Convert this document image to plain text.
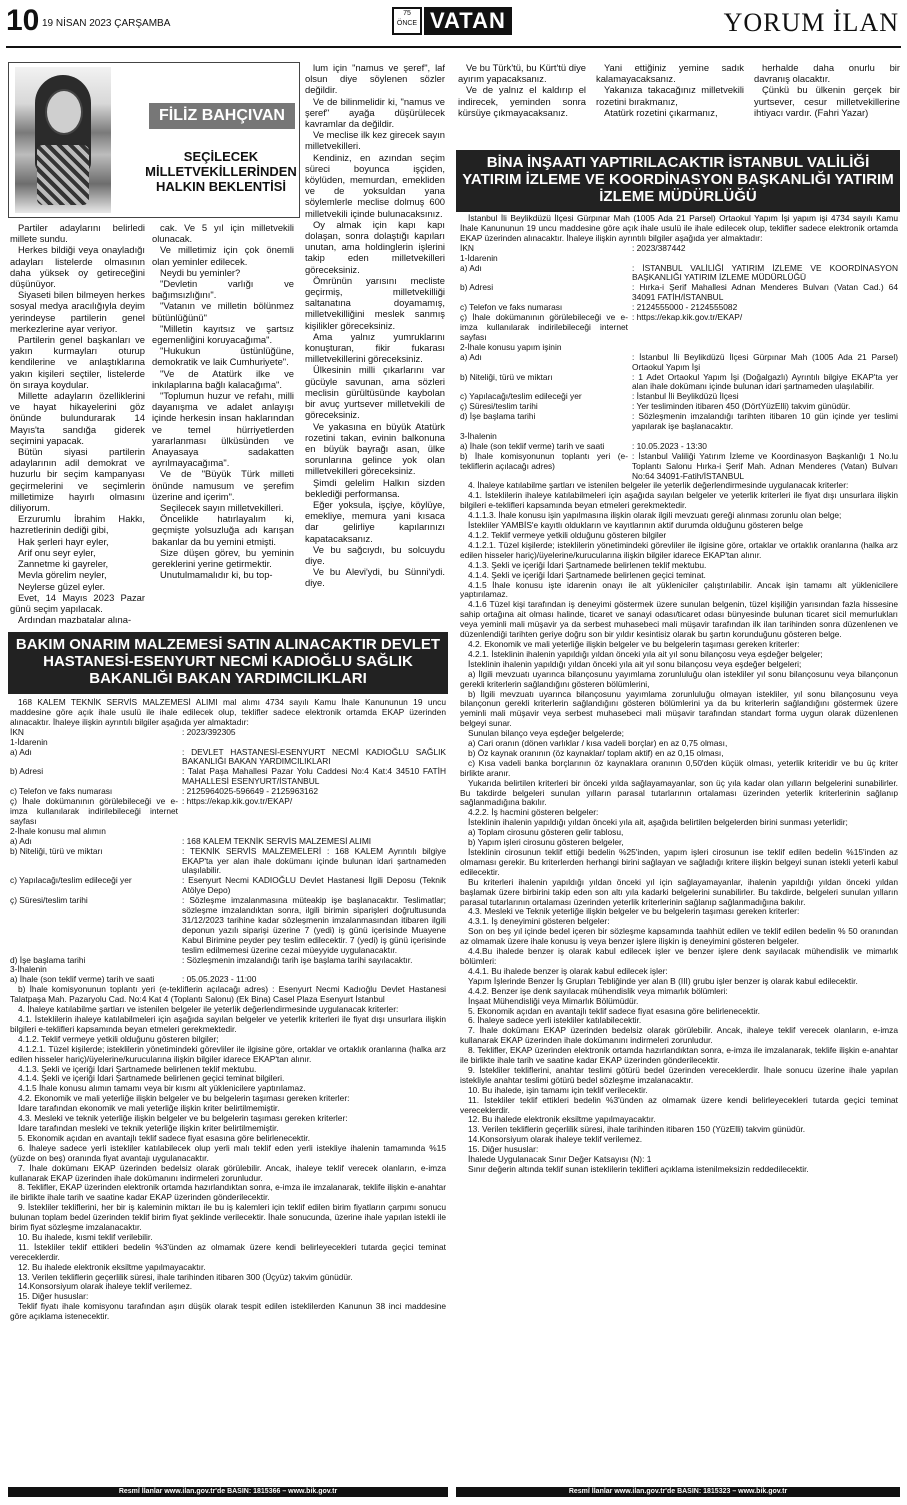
10 19 NİSAN 2023 ÇARŞAMBA
75 ÖNCE VATAN	YORUM İLAN
FİLİZ BAHÇIVAN
SEÇİLECEK MİLLETVEKİLLERİNDEN HALKIN BEKLENTİSİ

Partiler adaylarını belirledi millete sundu.

Herkes bildiği veya onayladığı adayları listelerde olmasının daha yüksek oy getireceğini düşünüyor.

Siyaseti bilen bilmeyen herkes sosyal medya aracılığıyla deyim yerindeyse partilerin genel merkezlerine ayar veriyor.

Partilerin genel başkanları ve yakın kurmayları oturup kendilerine ve anlaştıklarına yakın kişileri seçtiler, listelerde ön sıraya koydular.

Millette adayların özelliklerini ve hayat hikayelerini göz önünde bulundurarak 14 Mayıs'ta sandığa giderek seçimini yapacak.

Bütün siyasi partilerin adaylarının adil demokrat ve huzurlu bir seçim kampanyası geçirmelerini ve seçimlerin milletimize hayırlı olmasını diliyorum.

Erzurumlu İbrahim Hakkı, hazretlerinin dediği gibi,

Hak şerleri hayr eyler,

Arif onu seyr eyler,

Zannetme ki gayreler,

Mevla görelim neyler,

Neylerse güzel eyler.

Evet, 14 Mayıs 2023 Pazar günü seçim yapılacak.

Ardından mazbatalar alına-

cak. Ve 5 yıl için milletvekili olunacak.

Ve milletimiz için çok önemli olan yeminler edilecek.

Neydi bu yeminler?

"Devletin varlığı ve bağımsızlığını".

"Vatanın ve milletin bölünmez bütünlüğünü"

"Milletin kayıtsız ve şartsız egemenliğini koruyacağıma".

"Hukukun üstünlüğüne, demokratik ve laik Cumhuriyete".

"Ve de Atatürk ilke ve inkılaplarına bağlı kalacağıma".

"Toplumun huzur ve refahı, milli dayanışma ve adalet anlayışı içinde herkesin insan haklarından ve temel hürriyetlerden yararlanması ülküsünden ve Anayasaya sadakatten ayrılmayacağıma".

Ve de "Büyük Türk milleti önünde namusum ve şerefim üzerine and içerim".

Seçilecek sayın milletvekilleri.

Öncelikle hatırlayalım ki, geçmişte yolsuzluğa adı karışan bakanlar da bu yemini etmişti.

Size düşen görev, bu yeminin gereklerini yerine getirmektir.

Unutulmamalıdır ki, bu top-

lum için "namus ve şeref", laf olsun diye söylenen sözler değildir.

Ve de bilinmelidir ki, "namus ve şeref" ayağa düşürülecek kavramlar da değildir.

Ve meclise ilk kez girecek sayın milletvekilleri.

Kendiniz, en azından seçim süreci boyunca işçiden, köylüden, memurdan, emekliden ve de yoksuldan yana söylemlerle meclise dolmuş 600 milletvekili içinde bulunacaksınız.

Oy almak için kapı kapı dolaşan, sonra dolaştığı kapıları unutan, ama holdinglerin işlerini takip eden milletvekilleri göreceksiniz.

Ömrünün yarısını mecliste geçirmiş, milletvekilliği saltanatına doyamamış, milletvekilliğini meslek sanmış kişilikler göreceksiniz.

Ama yalnız yumruklarını konuşturan, fikir fukarası milletvekillerini göreceksiniz.

Ülkesinin milli çıkarlarını var gücüyle savunan, ama sözleri meclisin gürültüsünde kaybolan bir avuç yurtsever milletvekili de göreceksiniz.

Ve yakasına en büyük Atatürk rozetini takan, evinin balkonuna en büyük bayrağı asan, ülke sorunlarına gelince yok olan milletvekilleri göreceksiniz.

Şimdi gelelim Halkın sizden beklediği performansa.

Eğer yoksula, işçiye, köylüye, emekliye, memura yani kısaca dar gelirliye kapılarınızı kapatacaksanız.

Ve bu sağcıydı, bu solcuydu diye.

Ve bu Alevi'ydi, bu Sünni'ydi. diye.

Ve bu Türk'tü, bu Kürt'tü diye ayırım yapacaksanız.

Ve de yalnız el kaldırıp el indirecek, yeminden sonra kürsüye çıkmayacaksanız.

Yani ettiğiniz yemine sadık kalamayacaksanız.

Yakanıza takacağınız milletvekili rozetini bırakmanız,

Atatürk rozetini çıkarmanız,

herhalde daha onurlu bir davranış olacaktır.

Çünkü bu ülkenin gerçek bir yurtsever, cesur milletvekillerine ihtiyacı vardır. (Fahri Yazar)

BAKIM ONARIM MALZEMESİ SATIN ALINACAKTIR DEVLET HASTANESİ-ESENYURT NECMİ KADIOĞLU SAĞLIK BAKANLIĞI BAKAN YARDIMCILIKLARI

168 KALEM TEKNİK SERVİS MALZEMESİ ALIMI mal alımı 4734 sayılı Kamu İhale Kanununun 19 uncu maddesine göre açık ihale usulü ile ihale edilecek olup, teklifler sadece elektronik ortamda EKAP üzerinden alınacaktır. İhaleye ilişkin ayrıntılı bilgiler aşağıda yer almaktadır:

İKN	: 2023/392305
1-İdarenin
a) Adı	: DEVLET HASTANESİ-ESENYURT NECMİ KADIOĞLU SAĞLIK BAKANLIĞI BAKAN YARDIMCILIKLARI
b) Adresi	: Talat Paşa Mahallesi Pazar Yolu Caddesi No:4 Kat:4 34510 FATİH MAHALLESİ ESENYURT/İSTANBUL
c) Telefon ve faks numarası	: 2125964025-596649 - 2125963162
ç) İhale dokümanının görülebileceği ve e-imza kullanılarak indirilebileceği internet sayfası
: https://ekap.kik.gov.tr/EKAP/
2-İhale konusu mal alımın
a) Adı	: 168 KALEM TEKNİK SERVİS MALZEMESİ ALIMI
b) Niteliği, türü ve miktarı	: TEKNİK SERVİS MALZEMELERİ : 168 KALEM Ayrıntılı bilgiye EKAP'ta yer alan ihale dokümanı içinde bulunan idari şartnameden ulaşılabilir.
c) Yapılacağı/teslim edileceği yer	: Esenyurt Necmi KADIOĞLU Devlet Hastanesi İlgili Deposu (Teknik Atölye Depo)
ç) Süresi/teslim tarihi	: Sözleşme imzalanmasına müteakip işe başlanacaktır. Teslimatlar; sözleşme imzalandıktan sonra, ilgili birimin siparişleri doğrultusunda 31/12/2023 tarihine kadar sözleşmenin imzalanmasından itibaren ilgili deponun yazılı siparişi üzerine 7 (yedi) iş günü içerisinde Muayene Kabul Birimine peyder pey teslim edilecektir. 7 (yedi) iş günü içerisinde teslim edilmemesi üzerine cezai müeyyide uygulanacaktır.
d) İşe başlama tarihi	: Sözleşmenin imzalandığı tarih işe başlama tarihi sayılacaktır.
3-İhalenin
a) İhale (son teklif verme) tarih ve saati	: 05.05.2023 - 11:00

b) İhale komisyonunun toplantı yeri (e-tekliflerin açılacağı adres) : Esenyurt Necmi Kadıoğlu Devlet Hastanesi Talatpaşa Mah. Pazaryolu Cad. No:4 Kat 4 (Toplantı Salonu) (Ek Bina) Casel Plaza Esenyurt İstanbul

4. İhaleye katılabilme şartları ve istenilen belgeler ile yeterlik değerlendirmesinde uygulanacak kriterler:

4.1. İsteklilerin ihaleye katılabilmeleri için aşağıda sayılan belgeler ve yeterlik kriterleri ile fiyat dışı unsurlara ilişkin bilgileri e-teklifleri kapsamında beyan etmeleri gerekmektedir.

4.1.2. Teklif vermeye yetkili olduğunu gösteren bilgiler;

4.1.2.1. Tüzel kişilerde; isteklilerin yönetimindeki görevliler ile ilgisine göre, ortaklar ve ortaklık oranlarına (halka arz edilen hisseler hariç)/üyelerine/kurucularına ilişkin bilgiler idarece EKAP'tan alınır.

4.1.3. Şekli ve içeriği İdari Şartnamede belirlenen teklif mektubu.

4.1.4. Şekli ve içeriği İdari Şartnamede belirlenen geçici teminat bilgileri.

4.1.5 İhale konusu alımın tamamı veya bir kısmı alt yüklenicilere yaptırılamaz.

4.2. Ekonomik ve mali yeterliğe ilişkin belgeler ve bu belgelerin taşıması gereken kriterler:

İdare tarafından ekonomik ve mali yeterliğe ilişkin kriter belirtilmemiştir.

4.3. Mesleki ve teknik yeterliğe ilişkin belgeler ve bu belgelerin taşıması gereken kriterler:

İdare tarafından mesleki ve teknik yeterliğe ilişkin kriter belirtilmemiştir.

5. Ekonomik açıdan en avantajlı teklif sadece fiyat esasına göre belirlenecektir.

6. İhaleye sadece yerli istekliler katılabilecek olup yerli malı teklif eden yerli istekliye ihalenin tamamında %15 (yüzde on beş) oranında fiyat avantajı uygulanacaktır.

7. İhale dokümanı EKAP üzerinden bedelsiz olarak görülebilir. Ancak, ihaleye teklif verecek olanların, e-imza kullanarak EKAP üzerinden ihale dokümanını indirmeleri zorunludur.

8. Teklifler, EKAP üzerinden elektronik ortamda hazırlandıktan sonra, e-imza ile imzalanarak, teklife ilişkin e-anahtar ile birlikte ihale tarih ve saatine kadar EKAP üzerinden gönderilecektir.

9. İstekliler tekliflerini, her bir iş kaleminin miktarı ile bu iş kalemleri için teklif edilen birim fiyatların çarpımı sonucu bulunan toplam bedel üzerinden teklif birim fiyat şeklinde verilecektir. İhale sonucunda, üzerine ihale yapılan istekli ile birim fiyat sözleşme imzalanacaktır.

10. Bu ihalede, kısmi teklif verilebilir.

11. İstekliler teklif ettikleri bedelin %3'ünden az olmamak üzere kendi belirleyecekleri tutarda geçici teminat vereceklerdir.

12. Bu ihalede elektronik eksiltme yapılmayacaktır.

13. Verilen tekliflerin geçerlilik süresi, ihale tarihinden itibaren 300 (Üçyüz) takvim günüdür.

14.Konsorsiyum olarak ihaleye teklif verilemez.

15. Diğer hususlar:

Teklif fiyatı ihale komisyonu tarafından aşırı düşük olarak tespit edilen isteklilerden Kanunun 38 inci maddesine göre açıklama istenecektir.

Resmî İlanlar www.ilan.gov.tr'de BASIN: 1815366 – www.bik.gov.tr
BİNA İNŞAATI YAPTIRILACAKTIR İSTANBUL VALİLİĞİ YATIRIM İZLEME VE KOORDİNASYON BAŞKANLIĞI YATIRIM İZLEME MÜDÜRLÜĞÜ

İstanbul İli Beylikdüzü İlçesi Gürpınar Mah (1005 Ada 21 Parsel) Ortaokul Yapım İşi yapım işi 4734 sayılı Kamu İhale Kanununun 19 uncu maddesine göre açık ihale usulü ile ihale edilecek olup, teklifler sadece elektronik ortamda EKAP üzerinden alınacaktır. İhaleye ilişkin ayrıntılı bilgiler aşağıda yer almaktadır:

İKN	: 2023/387442
1-İdarenin
a) Adı	: İSTANBUL VALİLİĞİ YATIRIM İZLEME VE KOORDİNASYON BAŞKANLIĞI YATIRIM İZLEME MÜDÜRLÜĞÜ
b) Adresi	: Hırka-i Şerif Mahallesi Adnan Menderes Bulvarı (Vatan Cad.) 64 34091 FATİH/İSTANBUL
c) Telefon ve faks numarası	: 2124555000 - 2124555082
ç) İhale dokümanının görülebileceği ve e-imza kullanılarak indirilebileceği internet sayfası
: https://ekap.kik.gov.tr/EKAP/
2-İhale konusu yapım işinin
a) Adı	: İstanbul İli Beylikdüzü İlçesi Gürpınar Mah (1005 Ada 21 Parsel) Ortaokul Yapım İşi
b) Niteliği, türü ve miktarı	: 1 Adet Ortaokul Yapım İşi (Doğalgazlı) Ayrıntılı bilgiye EKAP'ta yer alan ihale dokümanı içinde bulunan idari şartnameden ulaşılabilir.
c) Yapılacağı/teslim edileceği yer	: İstanbul İli Beylikdüzü İlçesi
ç) Süresi/teslim tarihi	: Yer tesliminden itibaren 450 (DörtYüzElli) takvim günüdür.
d) İşe başlama tarihi	: Sözleşmenin imzalandığı tarihten itibaren 10 gün içinde yer teslimi yapılarak işe başlanacaktır.
3-İhalenin
a) İhale (son teklif verme) tarih ve saati	: 10.05.2023 - 13:30
b) İhale komisyonunun toplantı yeri (e-tekliflerin açılacağı adres)
: İstanbul Valiliği Yatırım İzleme ve Koordinasyon Başkanlığı 1 No.lu Toplantı Salonu Hırka-i Şerif Mah. Adnan Menderes (Vatan) Bulvarı No:64 34091-Fatih/İSTANBUL

4. İhaleye katılabilme şartları ve istenilen belgeler ile yeterlik değerlendirmesinde uygulanacak kriterler:

4.1. İsteklilerin ihaleye katılabilmeleri için aşağıda sayılan belgeler ve yeterlik kriterleri ile fiyat dışı unsurlara ilişkin bilgileri e-teklifleri kapsamında beyan etmeleri gerekmektedir.

4.1.1.3. İhale konusu işin yapılmasına ilişkin olarak ilgili mevzuatı gereği alınması zorunlu olan belge;

İstekliler YAMBİS'e kayıtlı oldukların ve kayıtlarının aktif durumda olduğunu gösteren belge

4.1.2. Teklif vermeye yetkili olduğunu gösteren bilgiler

4.1.2.1. Tüzel kişilerde; isteklilerin yönetimindeki görevliler ile ilgisine göre, ortaklar ve ortaklık oranlarına (halka arz edilen hisseler hariç)/üyelerine/kurucularına ilişkin bilgiler idarece EKAP'tan alınır.

4.1.3. Şekli ve içeriği İdari Şartnamede belirlenen teklif mektubu.

4.1.4. Şekli ve içeriği İdari Şartnamede belirlenen geçici teminat.

4.1.5 İhale konusu işte idarenin onayı ile alt yükleniciler çalıştırılabilir. Ancak işin tamamı alt yüklenicilere yaptırılamaz.

4.1.6 Tüzel kişi tarafından iş deneyimi göstermek üzere sunulan belgenin, tüzel kişiliğin yarısından fazla hissesine sahip ortağına ait olması halinde, ticaret ve sanayi odası/ticaret odası bünyesinde bulunan ticaret sicil memurlukları veya yeminli mali müşavir ya da serbest muhasebeci mali müşavir tarafından ilk ilan tarihinden sonra düzenlenen ve düzenlendiği tarihten geriye doğru son bir yıldır kesintisiz olarak bu şartın korunduğunu gösteren belge.

4.2. Ekonomik ve mali yeterliğe ilişkin belgeler ve bu belgelerin taşıması gereken kriterler:

4.2.1. İsteklinin ihalenin yapıldığı yıldan önceki yıla ait yıl sonu bilançosu veya eşdeğer belgeler;

İsteklinin ihalenin yapıldığı yıldan önceki yıla ait yıl sonu bilançosu veya eşdeğer belgeleri;

a) İlgili mevzuatı uyarınca bilançosunu yayımlama zorunluluğu olan istekliler yıl sonu bilançosunu veya bilançonun gerekli kriterlerin sağlandığını gösteren bölümlerini,

b) İlgili mevzuatı uyarınca bilançosunu yayımlama zorunluluğu olmayan istekliler, yıl sonu bilançosunu veya bilançonun gerekli kriterlerin sağlandığını gösteren bölümlerini ya da bu kriterlerin sağlandığını göstermek üzere yeminli mali müşavir veya serbest muhasebeci mali müşavir tarafından standart forma uygun olarak düzenlenen belgeyi sunar.

Sunulan bilanço veya eşdeğer belgelerde;

a) Cari oranın (dönen varlıklar / kısa vadeli borçlar) en az 0,75 olması,

b) Öz kaynak oranının (öz kaynaklar/ toplam aktif) en az 0,15 olması,

c) Kısa vadeli banka borçlarının öz kaynaklara oranının 0,50'den küçük olması, yeterlik kriteridir ve bu üç kriter birlikte aranır.

Yukarıda belirtilen kriterleri bir önceki yılda sağlayamayanlar, son üç yıla kadar olan yılların belgelerini sunabilirler. Bu takdirde belgeleri sunulan yılların parasal tutarlarının ortalaması üzerinden yeterlik kriterlerinin sağlanıp sağlanmadığına bakılır.

4.2.2. İş hacmini gösteren belgeler:

İsteklinin ihalenin yapıldığı yıldan önceki yıla ait, aşağıda belirtilen belgelerden birini sunması yeterlidir;

a) Toplam cirosunu gösteren gelir tablosu,

b) Yapım işleri cirosunu gösteren belgeler,

İsteklinin cirosunun teklif ettiği bedelin %25'inden, yapım işleri cirosunun ise teklif edilen bedelin %15'inden az olmaması gerekir. Bu kriterlerden herhangi birini sağlayan ve sağladığı kritere ilişkin belgeyi sunan istekli yeterli kabul edilecektir.

Bu kriterleri ihalenin yapıldığı yıldan önceki yıl için sağlayamayanlar, ihalenin yapıldığı yıldan önceki yıldan başlamak üzere birbirini takip eden son altı yıla kadarki belgelerini sunabilirler. Bu takdirde, belgeleri sunulan yılların parasal tutarlarının ortalaması üzerinden yeterlik kriterlerinin sağlanıp sağlanmadığına bakılır.

4.3. Mesleki ve Teknik yeterliğe ilişkin belgeler ve bu belgelerin taşıması gereken kriterler:

4.3.1. İş deneyimini gösteren belgeler:

Son on beş yıl içinde bedel içeren bir sözleşme kapsamında taahhüt edilen ve teklif edilen bedelin % 50 oranından az olmamak üzere ihale konusu iş veya benzer işlere ilişkin iş deneyimini gösteren belgeler.

4.4.Bu ihalede benzer iş olarak kabul edilecek işler ve benzer işlere denk sayılacak mühendislik ve mimarlık bölümleri:

4.4.1. Bu ihalede benzer iş olarak kabul edilecek işler:

Yapım İşlerinde Benzer İş Grupları Tebliğinde yer alan B (III) grubu işler benzer iş olarak kabul edilecektir.

4.4.2. Benzer işe denk sayılacak mühendislik veya mimarlık bölümleri:

İnşaat Mühendisliği veya Mimarlık Bölümüdür.

5. Ekonomik açıdan en avantajlı teklif sadece fiyat esasına göre belirlenecektir.

6. İhaleye sadece yerli istekliler katılabilecektir.

7. İhale dokümanı EKAP üzerinden bedelsiz olarak görülebilir. Ancak, ihaleye teklif verecek olanların, e-imza kullanarak EKAP üzerinden ihale dokümanını indirmeleri zorunludur.

8. Teklifler, EKAP üzerinden elektronik ortamda hazırlandıktan sonra, e-imza ile imzalanarak, teklife ilişkin e-anahtar ile birlikte ihale tarih ve saatine kadar EKAP üzerinden gönderilecektir.

9. İstekliler tekliflerini, anahtar teslimi götürü bedel üzerinden vereceklerdir. İhale sonucu üzerine ihale yapılan istekliyle anahtar teslimi götürü bedel sözleşme imzalanacaktır.

10. Bu ihalede, işin tamamı için teklif verilecektir.

11. İstekliler teklif ettikleri bedelin %3'ünden az olmamak üzere kendi belirleyecekleri tutarda geçici teminat vereceklerdir.

12. Bu ihalede elektronik eksiltme yapılmayacaktır.

13. Verilen tekliflerin geçerlilik süresi, ihale tarihinden itibaren 150 (YüzElli) takvim günüdür.

14.Konsorsiyum olarak ihaleye teklif verilemez.

15. Diğer hususlar:

İhalede Uygulanacak Sınır Değer Katsayısı (N): 1

Sınır değerin altında teklif sunan isteklilerin teklifleri açıklama istenilmeksizin reddedilecektir.

Resmî İlanlar www.ilan.gov.tr'de BASIN: 1815323 – www.bik.gov.tr
